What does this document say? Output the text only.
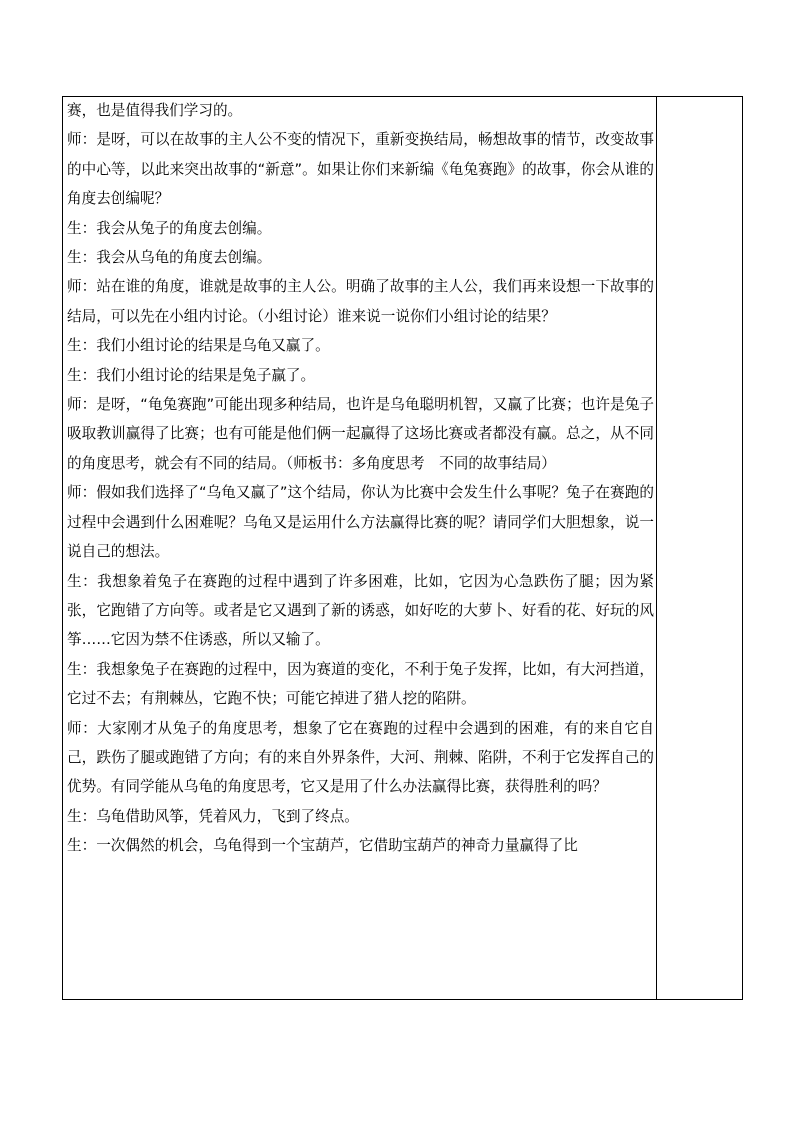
赛，也是值得我们学习的。

师：是呀，可以在故事的主人公不变的情况下，重新变换结局，畅想故事的情节，改变故事的中心等，以此来突出故事的“新意”。如果让你们来新编《龟兔赛跑》的故事，你会从谁的角度去创编呢？

生：我会从兔子的角度去创编。

生：我会从乌龟的角度去创编。

师：站在谁的角度，谁就是故事的主人公。明确了故事的主人公，我们再来设想一下故事的结局，可以先在小组内讨论。（小组讨论）谁来说一说你们小组讨论的结果？

生：我们小组讨论的结果是乌龟又赢了。

生：我们小组讨论的结果是兔子赢了。

师：是呀，“龟兔赛跑”可能出现多种结局，也许是乌龟聪明机智，又赢了比赛；也许是兔子吸取教训赢得了比赛；也有可能是他们俩一起赢得了这场比赛或者都没有赢。总之，从不同的角度思考，就会有不同的结局。（师板书：多角度思考　不同的故事结局）

师：假如我们选择了“乌龟又赢了”这个结局，你认为比赛中会发生什么事呢？兔子在赛跑的过程中会遇到什么困难呢？乌龟又是运用什么方法赢得比赛的呢？请同学们大胆想象，说一说自己的想法。

生：我想象着兔子在赛跑的过程中遇到了许多困难，比如，它因为心急跌伤了腿；因为紧张，它跑错了方向等。或者是它又遇到了新的诱惑，如好吃的大萝卜、好看的花、好玩的风筝……它因为禁不住诱惑，所以又输了。

生：我想象兔子在赛跑的过程中，因为赛道的变化，不利于兔子发挥，比如，有大河挡道，它过不去；有荆棘丛，它跑不快；可能它掉进了猎人挖的陷阱。

师：大家刚才从兔子的角度思考，想象了它在赛跑的过程中会遇到的困难，有的来自它自己，跌伤了腿或跑错了方向；有的来自外界条件，大河、荆棘、陷阱，不利于它发挥自己的优势。有同学能从乌龟的角度思考，它又是用了什么办法赢得比赛，获得胜利的吗？

生：乌龟借助风筝，凭着风力，飞到了终点。

生：一次偶然的机会，乌龟得到一个宝葫芦，它借助宝葫芦的神奇力量赢得了比
